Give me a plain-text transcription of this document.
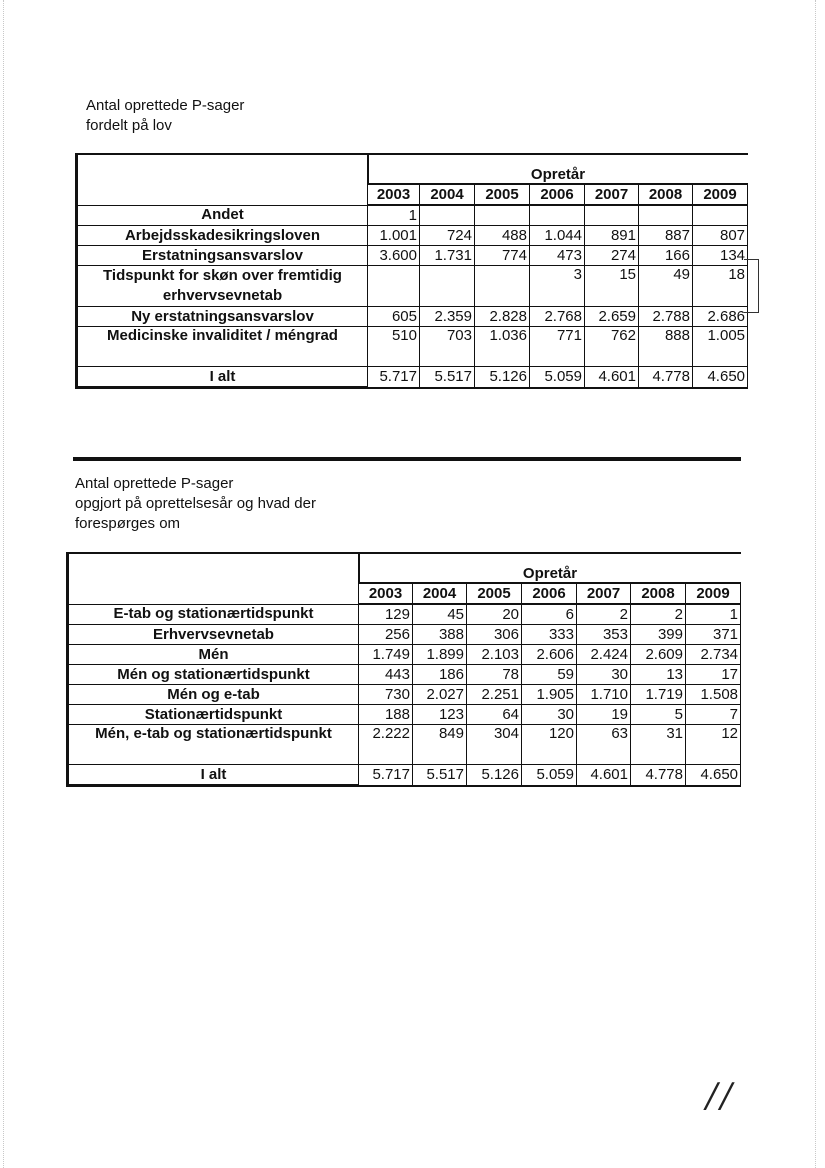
Antal oprettede P-sager
fordelt på lov
	Opretår						
	2003	2004	2005	2006	2007	2008	2009
Andet	1						
Arbejdsskadesikringsloven	1.001	724	488	1.044	891	887	807
Erstatningsansvarslov	3.600	1.731	774	473	274	166	134

Tidspunkt for skøn over fremtidig
erhvervsevnetab				3	15	49	18
Ny erstatningsansvarslov	605	2.359	2.828	2.768	2.659	2.788	2.686
Medicinske invaliditet / méngrad	510	703	1.036	771	762	888	1.005
I alt	5.717	5.517	5.126	5.059	4.601	4.778	4.650
Antal oprettede P-sager
opgjort på oprettelsesår og hvad der
forespørges om
	Opretår						
	2003	2004	2005	2006	2007	2008	2009
E-tab og stationærtidspunkt	129	45	20	6	2	2	1
Erhvervsevnetab	256	388	306	333	353	399	371
Mén	1.749	1.899	2.103	2.606	2.424	2.609	2.734
Mén og stationærtidspunkt	443	186	78	59	30	13	17
Mén og e-tab	730	2.027	2.251	1.905	1.710	1.719	1.508
Stationærtidspunkt	188	123	64	30	19	5	7
Mén, e-tab og stationærtidspunkt	2.222	849	304	120	63	31	12
I alt	5.717	5.517	5.126	5.059	4.601	4.778	4.650
//
